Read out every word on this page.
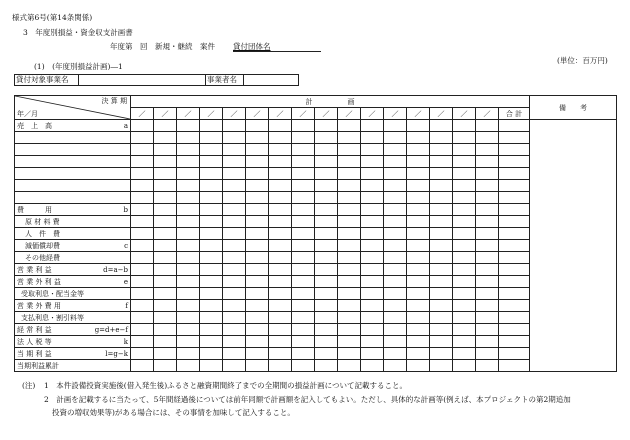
様式第6号(第14条関係)
3　年度別損益・資金収支計画書
年度第　回　新規・継続　案件 貸付団体名
(単位：百万円)
(1)　(年度別損益計画)―1
貸付対象事業名	事業者名
決 算 期
年／月	計　　　　　画																	備　　考
	／	／	／	／	／	／	／	／	／	／	／	／	／	／	／	／	合 計	

売　上　高 a																		

費　　　用 b																		

原 材 料 費																		

人　件　費																		

減価償却費 c																		

その他経費																		

営 業 利 益 d=a−b																		

営 業 外 利 益 e																		

受取利息・配当金等																		

営 業 外 費 用 f																		

支払利息・割引料等																		

経 常 利 益 g=d+e−f																		

法 人 税 等 k																		

当 期 利 益 l=g−k																		

当期利益累計																		

(注) 1　本件設備投資実施後(借入発生後)ふるさと融資期間終了までの全期間の損益計画について記載すること。
2　計画を記載するに当たって、5年間経過後については前年同額で計画額を記入してもよい。ただし、具体的な計画等(例えば、本プロジェクトの第2期追加
投資の増収効果等)がある場合には、その事情を加味して記入すること。
